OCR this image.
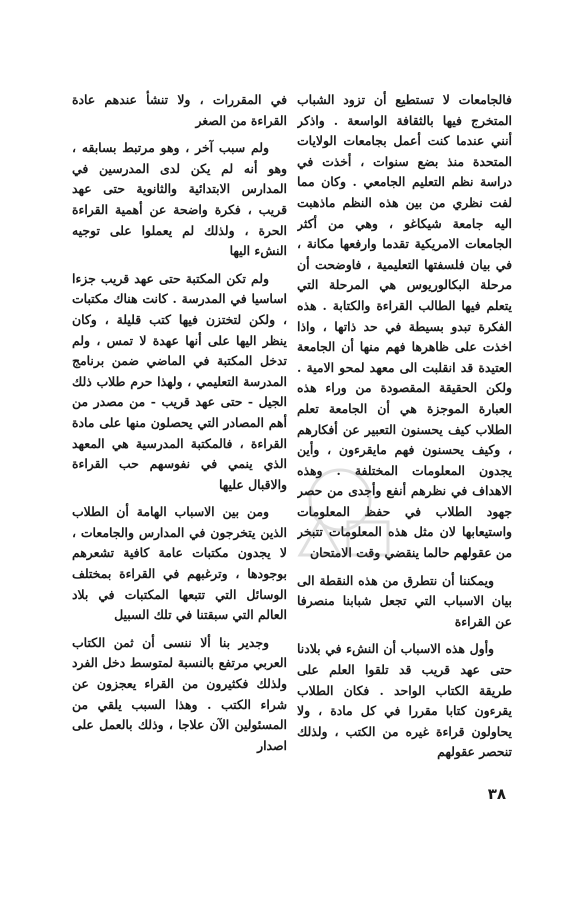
فالجامعات لا تستطيع أن تزود الشباب المتخرج فيها بالثقافة الواسعة . واذكر أنني عندما كنت أعمل بجامعات الولايات المتحدة منذ بضع سنوات ، أخذت في دراسة نظم التعليم الجامعي . وكان مما لفت نظري من بين هذه النظم ماذهبت اليه جامعة شيكاغو ، وهي من أكثر الجامعات الامريكية تقدما وارفعها مكانة ، في بيان فلسفتها التعليمية ، فاوضحت أن مرحلة البكالوريوس هي المرحلة التي يتعلم فيها الطالب القراءة والكتابة . هذه الفكرة تبدو بسيطة في حد ذاتها ، واذا اخذت على ظاهرها فهم منها أن الجامعة العتيدة قد انقلبت الى معهد لمحو الامية . ولكن الحقيقة المقصودة من وراء هذه العبارة الموجزة هي أن الجامعة تعلم الطلاب كيف يحسنون التعبير عن أفكارهم ، وكيف يحسنون فهم مايقرءون ، وأين يجدون المعلومات المختلفة . وهذه الاهداف في نظرهم أنفع وأجدى من حصر جهود الطلاب في حفظ المعلومات واستيعابها لان مثل هذه المعلومات تتبخر من عقولهم حالما ينقضي وقت الامتحان

ويمكننا أن نتطرق من هذه النقطة الى بيان الاسباب التي تجعل شبابنا منصرفا عن القراءة

وأول هذه الاسباب أن النشء في بلادنا حتى عهد قريب قد تلقوا العلم على طريقة الكتاب الواحد . فكان الطلاب يقرءون كتابا مقررا في كل مادة ، ولا يحاولون قراءة غيره من الكتب ، ولذلك تنحصر عقولهم

في المقررات ، ولا تنشأ عندهم عادة القراءة من الصغر

ولم سبب آخر ، وهو مرتبط بسابقه ، وهو أنه لم يكن لدى المدرسين في المدارس الابتدائية والثانوية حتى عهد قريب ، فكرة واضحة عن أهمية القراءة الحرة ، ولذلك لم يعملوا على توجيه النشء اليها

ولم تكن المكتبة حتى عهد قريب جزءا اساسيا في المدرسة . كانت هناك مكتبات ، ولكن لتختزن فيها كتب قليلة ، وكان ينظر اليها على أنها عهدة لا تمس ، ولم تدخل المكتبة في الماضي ضمن برنامج المدرسة التعليمي ، ولهذا حرم طلاب ذلك الجيل - حتى عهد قريب - من مصدر من أهم المصادر التي يحصلون منها على مادة القراءة ، فالمكتبة المدرسية هي المعهد الذي ينمي في نفوسهم حب القراءة والاقبال عليها

ومن بين الاسباب الهامة أن الطلاب الذين يتخرجون في المدارس والجامعات ، لا يجدون مكتبات عامة كافية تشعرهم بوجودها ، وترغبهم في القراءة بمختلف الوسائل التي تتبعها المكتبات في بلاد العالم التي سبقتنا في تلك السبيل

وجدير بنا ألا ننسى أن ثمن الكتاب العربي مرتفع بالنسبة لمتوسط دخل الفرد ولذلك فكثيرون من القراء يعجزون عن شراء الكتب . وهذا السبب يلقي من المسئولين الآن علاجا ، وذلك بالعمل على اصدار

٣٨
